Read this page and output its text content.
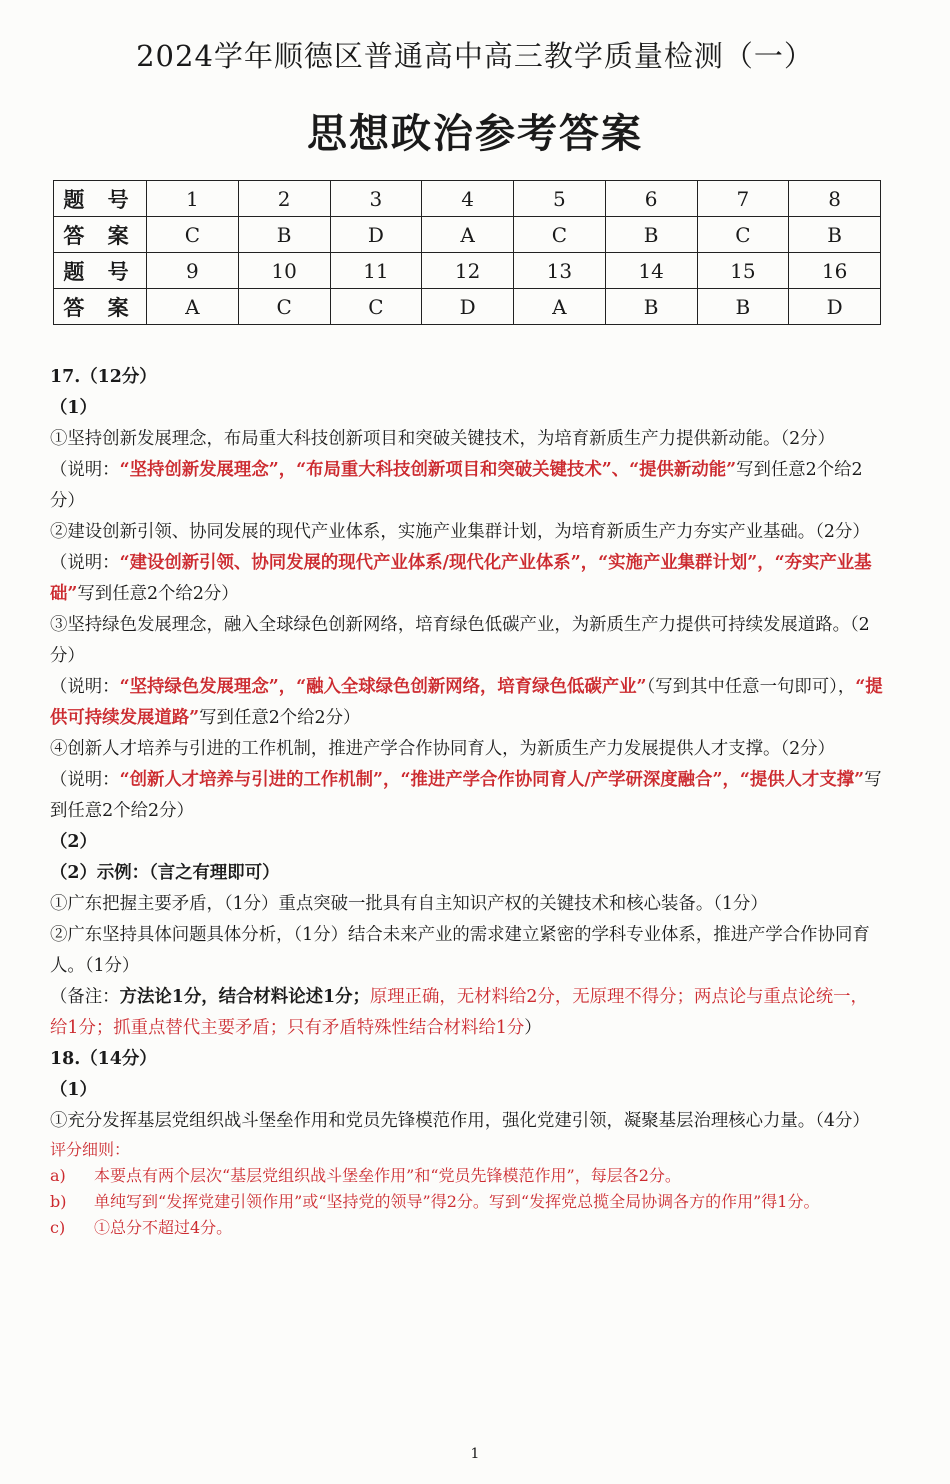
2024学年顺德区普通高中高三教学质量检测（一）
思想政治参考答案
题 号	1	2	3	4	5	6	7	8
答 案	C	B	D	A	C	B	C	B
题 号	9	10	11	12	13	14	15	16
答 案	A	C	C	D	A	B	B	D

17.（12分）

（1）

①坚持创新发展理念，布局重大科技创新项目和突破关键技术，为培育新质生产力提供新动能。（2分）

（说明：“坚持创新发展理念”，“布局重大科技创新项目和突破关键技术”、“提供新动能”写到任意2个给2分）

②建设创新引领、协同发展的现代产业体系，实施产业集群计划，为培育新质生产力夯实产业基础。（2分）

（说明：“建设创新引领、协同发展的现代产业体系/现代化产业体系”，“实施产业集群计划”，“夯实产业基础”写到任意2个给2分）

③坚持绿色发展理念，融入全球绿色创新网络，培育绿色低碳产业，为新质生产力提供可持续发展道路。（2分）

（说明：“坚持绿色发展理念”，“融入全球绿色创新网络，培育绿色低碳产业”（写到其中任意一句即可），“提供可持续发展道路”写到任意2个给2分）

④创新人才培养与引进的工作机制，推进产学合作协同育人，为新质生产力发展提供人才支撑。（2分）

（说明：“创新人才培养与引进的工作机制”，“推进产学合作协同育人/产学研深度融合”，“提供人才支撑”写到任意2个给2分）

（2）

（2）示例：（言之有理即可）

①广东把握主要矛盾，（1分）重点突破一批具有自主知识产权的关键技术和核心装备。（1分）

②广东坚持具体问题具体分析，（1分）结合未来产业的需求建立紧密的学科专业体系，推进产学合作协同育人。（1分）

（备注：方法论1分，结合材料论述1分；原理正确，无材料给2分，无原理不得分；两点论与重点论统一，给1分；抓重点替代主要矛盾；只有矛盾特殊性结合材料给1分）

18.（14分）

（1）

①充分发挥基层党组织战斗堡垒作用和党员先锋模范作用，强化党建引领，凝聚基层治理核心力量。（4分）

评分细则：

a)	本要点有两个层次“基层党组织战斗堡垒作用”和“党员先锋模范作用”，每层各2分。
b)	单纯写到“发挥党建引领作用”或“坚持党的领导”得2分。写到“发挥党总揽全局协调各方的作用”得1分。
c)	①总分不超过4分。
1
